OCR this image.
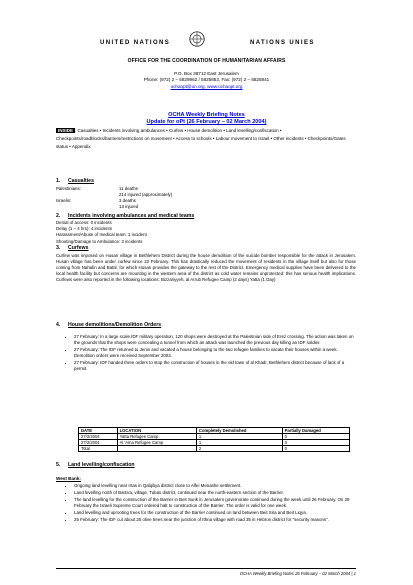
UNITED NATIONS	NATIONS UNIES
OFFICE FOR THE COORDINATION OF HUMANITARIAN AFFAIRS
P.O. Box 38712 East Jerusalem
Phone: (972) 2 – 5829962 / 5825853, Fax: (972) 2 – 5825841
ochaopt@un.org, www.ochaopt.org
OCHA Weekly Briefing Notes
Update for oPt (26 February – 02 March 2004)
INSIDE : Casualties • Incidents involving ambulances • Curfew • House demolition • Land levelling/confiscation • Checkpoints/roadblocks/barriers/restrictions on movement • Access to schools • Labour movement to Israel • Other incidents • Checkpoints/Gates status • Appendix
1. Casualties
Palestinians:	11 deaths
214 injured (approximately)
Israelis:	3 deaths
13 injured
2. Incidents involving ambulances and medical teams
Denial of access: 0 incidents
Delay (1 – 4 hrs): 4 incidents
Harassment/Abuse of medical team: 1 incident
Shooting/Damage to Ambulance: 3 incidents
3. Curfews
Curfew was imposed on Husan village in Bethlehem District during the house demolition of the suicide bomber responsible for the attack in Jerusalem. Husan village has been under curfew since 22 February. This has drastically reduced the movement of residents in the village itself but also for those coming from Nahalin and Battir, for which Husan provides the gateway to the rest of the District. Emergency medical supplies have been delivered to the local health facility but concerns are mounting in the western area of the district as cold water remains unprotected: this has serious health implications. Curfews were also reported in the following locations: Bizzariyyeh, al Arrub Refugee Camp (2 days) Yatta (1 Day)
4. House demolitions/Demolition Orders
• 27 February: In a large scale IDF military operation, 120 shops were destroyed at the Palestinian side of Erez crossing. The action was taken on the grounds that the shops were concealing a tunnel from which an attack was launched the previous day killing an IDF soldier.
• 27 February: The IDF returned to Jenin and vacated a house belonging to the two refugee families to vacate their houses within a week. Demolition orders were received September 2003.
• 27 February: IDF handed three orders to stop the construction of houses in the old town of al Khadr, Bethlehem district because of lack of a permit.
DATE	LOCATION	Completely Demolished	Partially Damaged
27/2/2004	Yatta Refugee Camp	1	0
27/2/2004	Al 'Ama Refugee Camp	1	0
Total		2	0
5. Land levelling/confiscation
West Bank:
• Ongoing land levelling near Irtas in Qalqiliya district close to Alfei Menashe settlement.
• Land levelling north of Barta'a, village, Tubas district, continued near the north-eastern section of the Barrier.
• The land levelling for the construction of the Barrier in Beit Surik in Jerusalem governorate continued during the week until 26 February. On 29 February the Israeli Supreme Court ordered halt to construction of the Barrier. The order is valid for one week.
• Land levelling and uprooting trees for the construction of the Barrier continued on land between Beit Sira and Beit Liqya.
• 25 February: The IDF cut about 25 olive trees near the junction of Ithna village with road 35 in Hebron district for "security reasons".
OCHA Weekly Briefing Notes 26 February – 02 March 2004 | 1
